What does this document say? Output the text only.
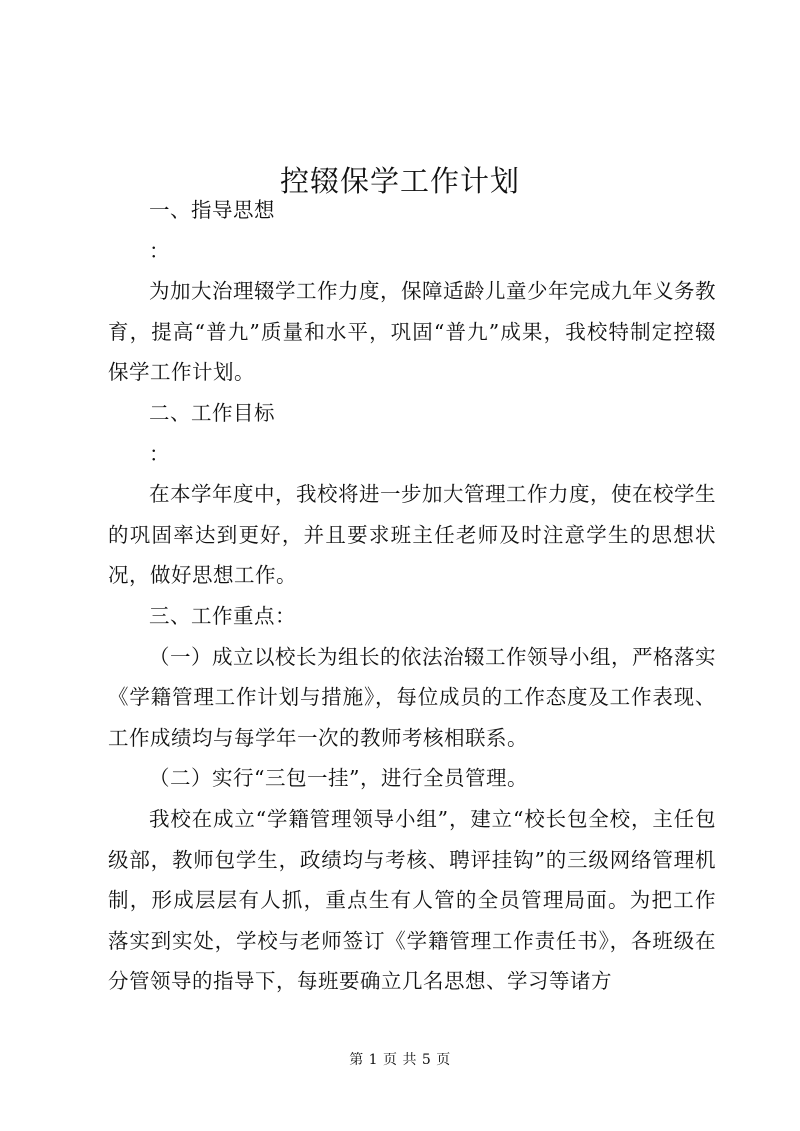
控辍保学工作计划

一、指导思想

：

为加大治理辍学工作力度，保障适龄儿童少年完成九年义务教育，提高“普九”质量和水平，巩固“普九”成果，我校特制定控辍保学工作计划。

二、工作目标

：

在本学年度中，我校将进一步加大管理工作力度，使在校学生的巩固率达到更好，并且要求班主任老师及时注意学生的思想状况，做好思想工作。

三、工作重点：

（一）成立以校长为组长的依法治辍工作领导小组，严格落实《学籍管理工作计划与措施》，每位成员的工作态度及工作表现、工作成绩均与每学年一次的教师考核相联系。

（二）实行“三包一挂”，进行全员管理。

我校在成立“学籍管理领导小组”，建立“校长包全校，主任包级部，教师包学生，政绩均与考核、聘评挂钩”的三级网络管理机制，形成层层有人抓，重点生有人管的全员管理局面。为把工作落实到实处，学校与老师签订《学籍管理工作责任书》，各班级在分管领导的指导下，每班要确立几名思想、学习等诸方

第 1 页 共 5 页
